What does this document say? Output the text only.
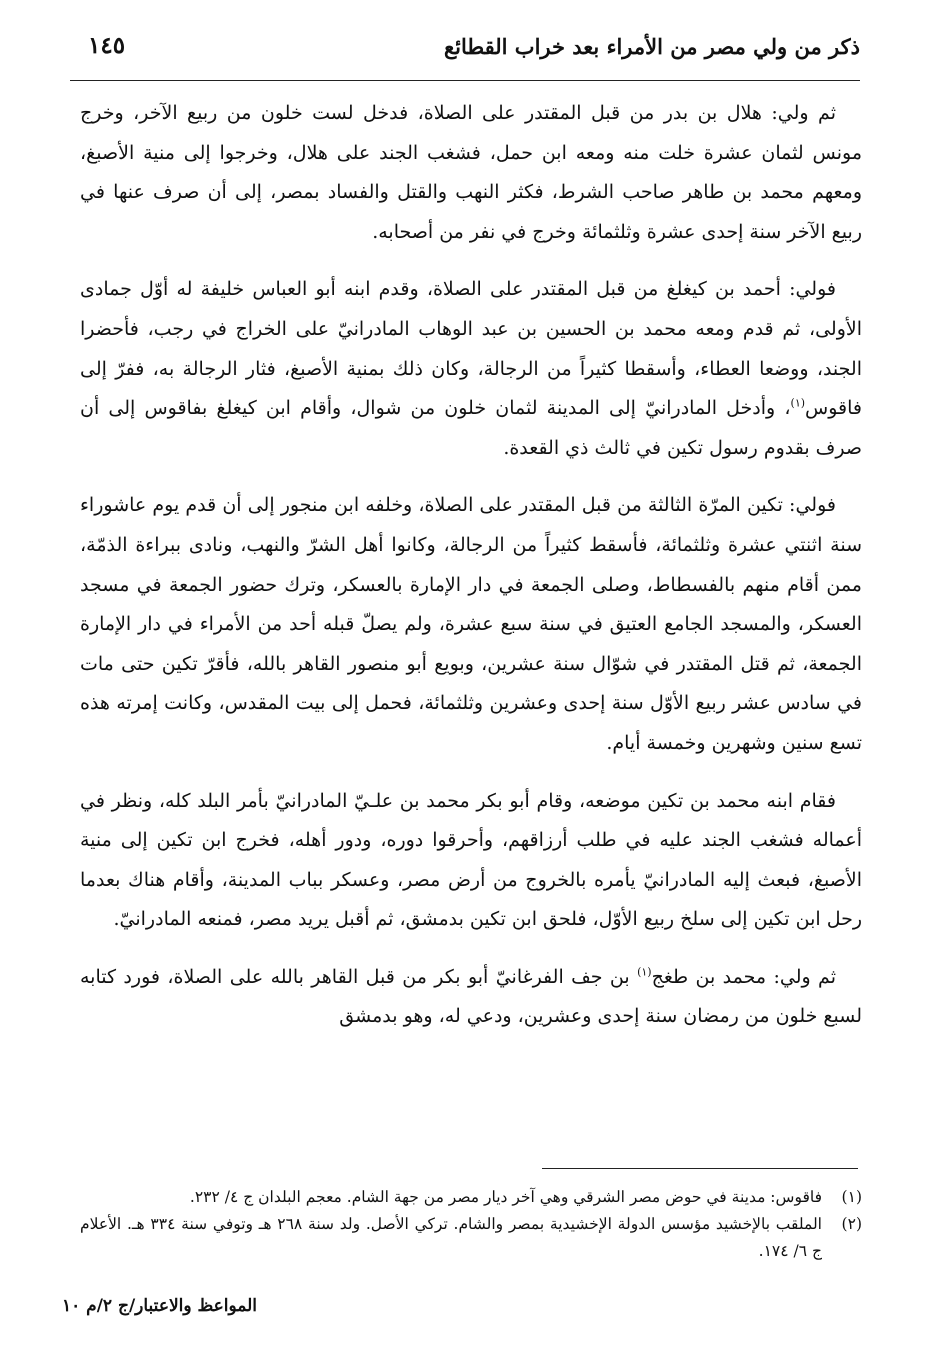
ذكر من ولي مصر من الأمراء بعد خراب القطائع
١٤٥

ثم ولي: هلال بن بدر من قبل المقتدر على الصلاة، فدخل لست خلون من ربيع الآخر، وخرج مونس لثمان عشرة خلت منه ومعه ابن حمل، فشغب الجند على هلال، وخرجوا إلى منية الأصبغ، ومعهم محمد بن طاهر صاحب الشرط، فكثر النهب والقتل والفساد بمصر، إلى أن صرف عنها في ربيع الآخر سنة إحدى عشرة وثلثمائة وخرج في نفر من أصحابه.

فولي: أحمد بن كيغلغ من قبل المقتدر على الصلاة، وقدم ابنه أبو العباس خليفة له أوّل جمادى الأولى، ثم قدم ومعه محمد بن الحسين بن عبد الوهاب المادرانيّ على الخراج في رجب، فأحضرا الجند، ووضعا العطاء، وأسقطا كثيراً من الرجالة، وكان ذلك بمنية الأصبغ، فثار الرجالة به، ففرّ إلى فاقوس$^{(١)}$، وأدخل المادرانيّ إلى المدينة لثمان خلون من شوال، وأقام ابن كيغلغ بفاقوس إلى أن صرف بقدوم رسول تكين في ثالث ذي القعدة.

فولي: تكين المرّة الثالثة من قبل المقتدر على الصلاة، وخلفه ابن منجور إلى أن قدم يوم عاشوراء سنة اثنتي عشرة وثلثمائة، فأسقط كثيراً من الرجالة، وكانوا أهل الشرّ والنهب، ونادى ببراءة الذمّة، ممن أقام منهم بالفسطاط، وصلى الجمعة في دار الإمارة بالعسكر، وترك حضور الجمعة في مسجد العسكر، والمسجد الجامع العتيق في سنة سبع عشرة، ولم يصلّ قبله أحد من الأمراء في دار الإمارة الجمعة، ثم قتل المقتدر في شوّال سنة عشرين، وبويع أبو منصور القاهر بالله، فأقرّ تكين حتى مات في سادس عشر ربيع الأوّل سنة إحدى وعشرين وثلثمائة، فحمل إلى بيت المقدس، وكانت إمرته هذه تسع سنين وشهرين وخمسة أيام.

فقام ابنه محمد بن تكين موضعه، وقام أبو بكر محمد بن علـيّ المادرانيّ بأمر البلد كله، ونظر في أعماله فشغب الجند عليه في طلب أرزاقهم، وأحرقوا دوره، ودور أهله، فخرج ابن تكين إلى منية الأصبغ، فبعث إليه المادرانيّ يأمره بالخروج من أرض مصر، وعسكر بباب المدينة، وأقام هناك بعدما رحل ابن تكين إلى سلخ ربيع الأوّل، فلحق ابن تكين بدمشق، ثم أقبل يريد مصر، فمنعه المادرانيّ.

ثم ولي: محمد بن طغج$^{(١)}$ بن جف الفرغانيّ أبو بكر من قبل القاهر بالله على الصلاة، فورد كتابه لسبع خلون من رمضان سنة إحدى وعشرين، ودعي له، وهو بدمشق

(١)
فاقوس: مدينة في حوض مصر الشرقي وهي آخر ديار مصر من جهة الشام. معجم البلدان ج ٤/ ٢٣٢.
(٢)
الملقب بالإخشيد مؤسس الدولة الإخشيدية بمصر والشام. تركي الأصل. ولد سنة ٢٦٨ هـ وتوفي سنة ٣٣٤ هـ. الأعلام ج ٦/ ١٧٤.
المواعظ والاعتبار/ج ٢/م ١٠
